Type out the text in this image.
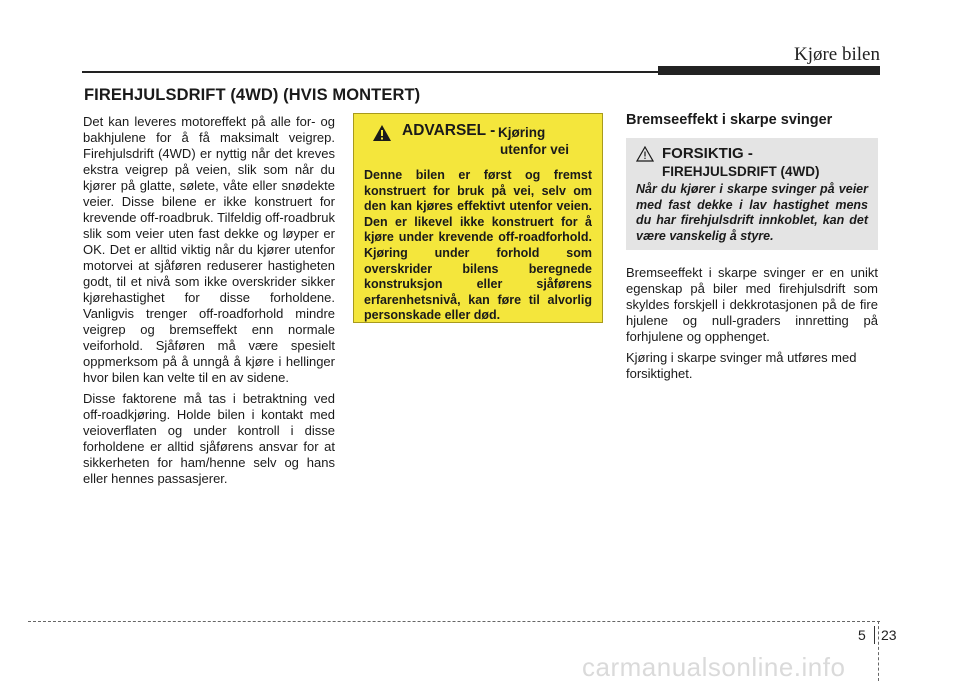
Kjøre bilen
FIREHJULSDRIFT (4WD) (HVIS MONTERT)

Det kan leveres motoreffekt på alle for- og bakhjulene for å få maksimalt veigrep. Firehjulsdrift (4WD) er nyttig når det kreves ekstra veigrep på veien, slik som når du kjører på glatte, sølete, våte eller snødekte veier. Disse bilene er ikke konstruert for krevende off-roadbruk. Tilfeldig off-roadbruk slik som veier uten fast dekke og løyper er OK. Det er alltid viktig når du kjører utenfor motorvei at sjåføren reduserer hastigheten godt, til et nivå som ikke overskrider sikker kjørehastighet for disse forholdene. Vanligvis trenger off-roadforhold mindre veigrep og bremseffekt enn normale veiforhold. Sjåføren må være spesielt oppmerksom på å unngå å kjøre i hellinger hvor bilen kan velte til en av sidene.

Disse faktorene må tas i betraktning ved off-roadkjøring. Holde bilen i kontakt med veioverflaten og under kontroll i disse forholdene er alltid sjåførens ansvar for at sikkerheten for ham/henne selv og hans eller hennes passasjerer.

ADVARSEL - Kjøring
utenfor vei
Denne bilen er først og fremst konstruert for bruk på vei, selv om den kan kjøres effektivt utenfor veien. Den er likevel ikke konstruert for å kjøre under krevende off-roadforhold. Kjøring under forhold som overskrider bilens beregnede konstruksjon eller sjåførens erfarenhetsnivå, kan føre til alvorlig personskade eller død.
Bremseeffekt i skarpe svinger
FORSIKTIG -
FIREHJULSDRIFT (4WD)
Når du kjører i skarpe svinger på veier med fast dekke i lav hastighet mens du har firehjulsdrift innkoblet, kan det være vanskelig å styre.

Bremseeffekt i skarpe svinger er en unikt egenskap på biler med firehjulsdrift som skyldes forskjell i dekkrotasjonen på de fire hjulene og null-graders innretting på forhjulene og opphenget.

Kjøring i skarpe svinger må utføres med forsiktighet.

5 23
carmanualsonline.info
